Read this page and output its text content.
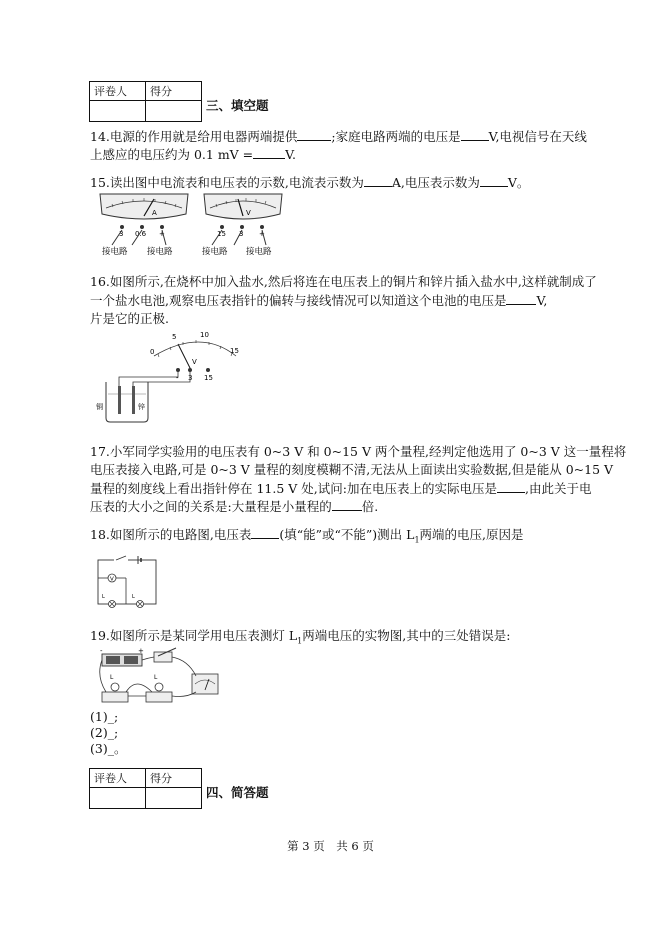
评卷人	得分

三、填空题
14.电源的作用就是给用电器两端提供	;家庭电路两端的电压是 V,电视信号在天线
上感应的电压约为 0.1 mV =	V.
15.读出图中电流表和电压表的示数,电流表示数为 A,电压表示数为 V。
A
3 0.6 +
接电路 接电路
V
15 3 +
接电路 接电路
16.如图所示,在烧杯中加入盐水,然后将连在电压表上的铜片和锌片插入盐水中,这样就制成了
一个盐水电池,观察电压表指针的偏转与接线情况可以知道这个电池的电压是 V,
片是它的正极.
0
5	10
15
V
- 3 15
铜	锌
17.小军同学实验用的电压表有 0~3 V 和 0~15 V 两个量程,经判定他选用了 0~3 V 这一量程将
电压表接入电路,可是 0~3 V 量程的刻度模糊不清,无法从上面读出实验数据,但是能从 0~15 V
量程的刻度线上看出指针停在 11.5 V 处,试问:加在电压表上的实际电压是 ,由此关于电
压表的大小之间的关系是:大量程是小量程的 倍.
18.如图所示的电路图,电压表 (填“能”或“不能”)测出 $L_1$两端的电压,原因是
V
L	L
19.如图所示是某同学用电压表测灯 $L_1$两端电压的实物图,其中的三处错误是:
-	+
L	L
(1)_;
(2)_;
(3)_。
评卷人	得分

四、简答题
第 3 页　共 6 页
